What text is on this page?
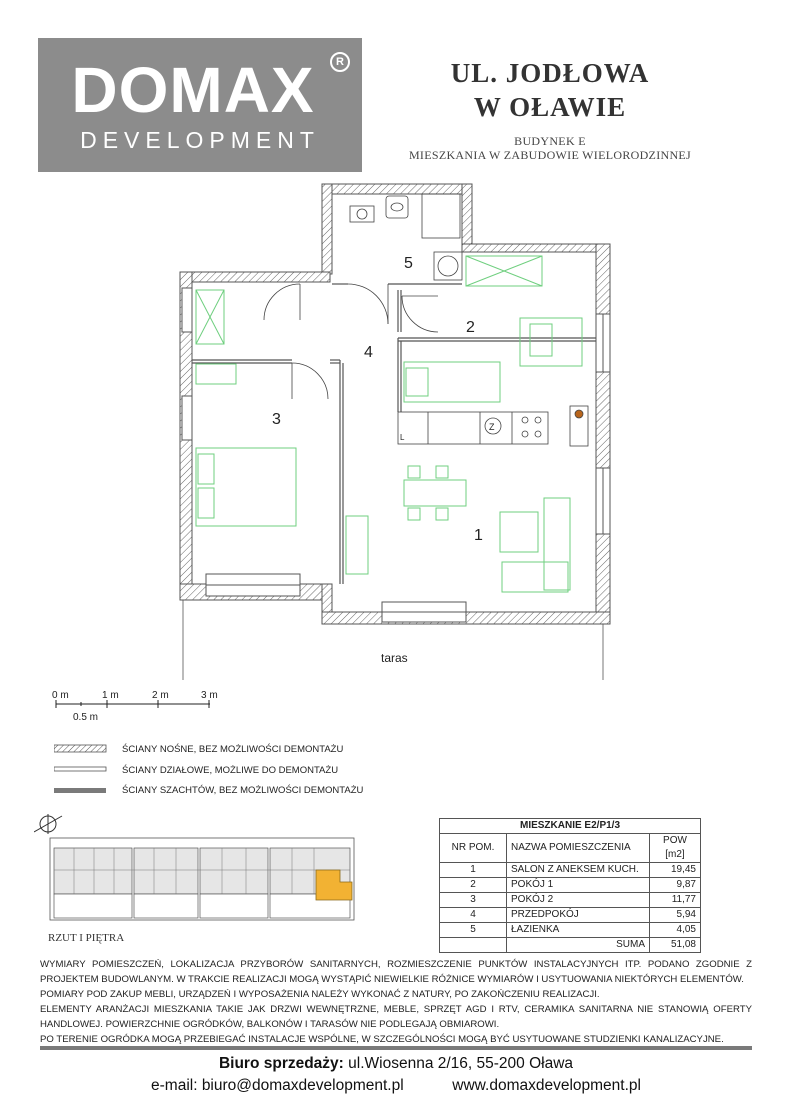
DOMAX	R
DEVELOPMENT
UL. JODŁOWA
W OŁAWIE
BUDYNEK E
MIESZKANIA W ZABUDOWIE WIELORODZINNEJ
1
2
3
4
5
taras
Z
L
0 m	1 m	2 m	3 m
0.5 m
ŚCIANY NOŚNE, BEZ MOŻLIWOŚCI DEMONTAŻU
ŚCIANY DZIAŁOWE, MOŻLIWE DO DEMONTAŻU
ŚCIANY SZACHTÓW, BEZ MOŻLIWOŚCI DEMONTAŻU
RZUT I PIĘTRA
MIESZKANIE E2/P1/3		
NR POM.	NAZWA POMIESZCZENIA	POW [m2]
1	SALON Z ANEKSEM KUCH.	19,45
2	POKÓJ 1	9,87
3	POKÓJ 2	11,77
4	PRZEDPOKÓJ	5,94
5	ŁAZIENKA	4,05
	SUMA	51,08
WYMIARY POMIESZCZEŃ, LOKALIZACJA PRZYBORÓW SANITARNYCH, ROZMIESZCZENIE PUNKTÓW INSTALACYJNYCH ITP. PODANO ZGODNIE Z PROJEKTEM BUDOWLANYM. W TRAKCIE REALIZACJI MOGĄ WYSTĄPIĆ NIEWIELKIE RÓŻNICE WYMIARÓW I USYTUOWANIA NIEKTÓRYCH ELEMENTÓW.
POMIARY POD ZAKUP MEBLI, URZĄDZEŃ I WYPOSAŻENIA NALEŻY WYKONAĆ Z NATURY, PO ZAKOŃCZENIU REALIZACJI.
ELEMENTY ARANŻACJI MIESZKANIA TAKIE JAK DRZWI WEWNĘTRZNE, MEBLE, SPRZĘT AGD I RTV, CERAMIKA SANITARNA NIE STANOWIĄ OFERTY HANDLOWEJ. POWIERZCHNIE OGRÓDKÓW, BALKONÓW I TARASÓW NIE PODLEGAJĄ OBMIAROWI.
PO TERENIE OGRÓDKA MOGĄ PRZEBIEGAĆ INSTALACJE WSPÓLNE, W SZCZEGÓLNOŚCI MOGĄ BYĆ USYTUOWANE STUDZIENKI KANALIZACYJNE.
Biuro sprzedaży: ul.Wiosenna 2/16, 55-200 Oława
e-mail: biuro@domaxdevelopment.pl	www.domaxdevelopment.pl
